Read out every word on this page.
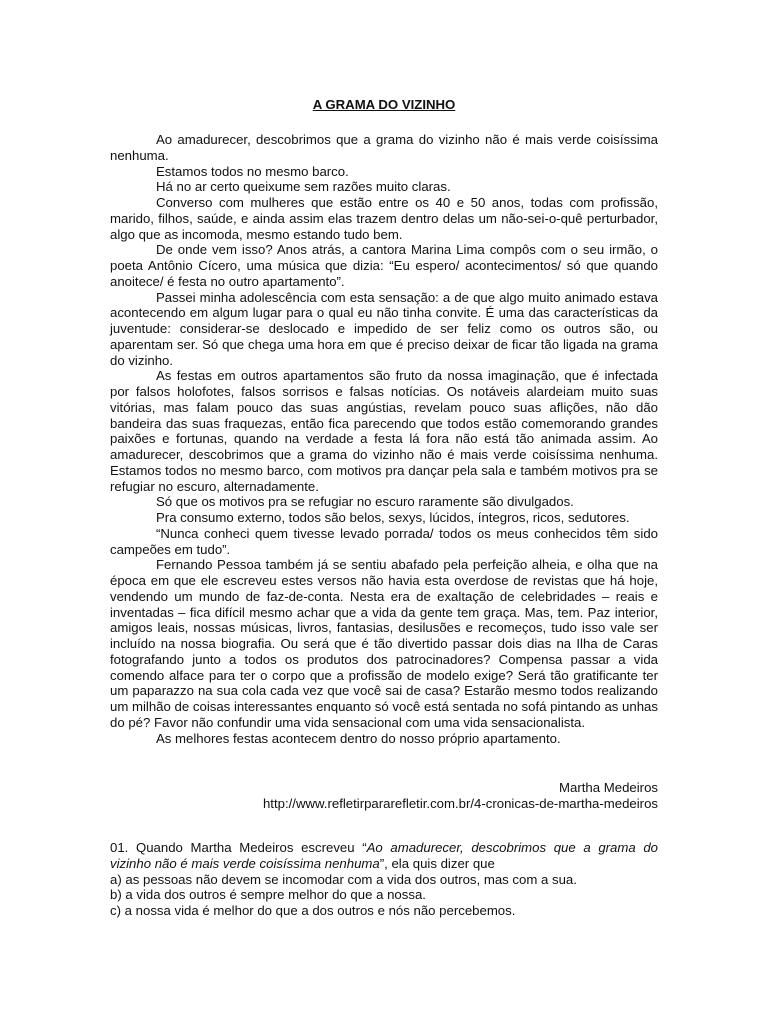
A GRAMA DO VIZINHO

Ao amadurecer, descobrimos que a grama do vizinho não é mais verde coisíssima nenhuma.

Estamos todos no mesmo barco.

Há no ar certo queixume sem razões muito claras.

Converso com mulheres que estão entre os 40 e 50 anos, todas com profissão, marido, filhos, saúde, e ainda assim elas trazem dentro delas um não-sei-o-quê perturbador, algo que as incomoda, mesmo estando tudo bem.

De onde vem isso? Anos atrás, a cantora Marina Lima compôs com o seu irmão, o poeta Antônio Cícero, uma música que dizia: “Eu espero/ acontecimentos/ só que quando anoitece/ é festa no outro apartamento”.

Passei minha adolescência com esta sensação: a de que algo muito animado estava acontecendo em algum lugar para o qual eu não tinha convite. É uma das características da juventude: considerar-se deslocado e impedido de ser feliz como os outros são, ou aparentam ser. Só que chega uma hora em que é preciso deixar de ficar tão ligada na grama do vizinho.

As festas em outros apartamentos são fruto da nossa imaginação, que é infectada por falsos holofotes, falsos sorrisos e falsas notícias. Os notáveis alardeiam muito suas vitórias, mas falam pouco das suas angústias, revelam pouco suas aflições, não dão bandeira das suas fraquezas, então fica parecendo que todos estão comemorando grandes paixões e fortunas, quando na verdade a festa lá fora não está tão animada assim. Ao amadurecer, descobrimos que a grama do vizinho não é mais verde coisíssima nenhuma. Estamos todos no mesmo barco, com motivos pra dançar pela sala e também motivos pra se refugiar no escuro, alternadamente.

Só que os motivos pra se refugiar no escuro raramente são divulgados.

Pra consumo externo, todos são belos, sexys, lúcidos, íntegros, ricos, sedutores.

“Nunca conheci quem tivesse levado porrada/ todos os meus conhecidos têm sido campeões em tudo”.

Fernando Pessoa também já se sentiu abafado pela perfeição alheia, e olha que na época em que ele escreveu estes versos não havia esta overdose de revistas que há hoje, vendendo um mundo de faz-de-conta. Nesta era de exaltação de celebridades – reais e inventadas – fica difícil mesmo achar que a vida da gente tem graça. Mas, tem. Paz interior, amigos leais, nossas músicas, livros, fantasias, desilusões e recomeços, tudo isso vale ser incluído na nossa biografia. Ou será que é tão divertido passar dois dias na Ilha de Caras fotografando junto a todos os produtos dos patrocinadores? Compensa passar a vida comendo alface para ter o corpo que a profissão de modelo exige? Será tão gratificante ter um paparazzo na sua cola cada vez que você sai de casa? Estarão mesmo todos realizando um milhão de coisas interessantes enquanto só você está sentada no sofá pintando as unhas do pé? Favor não confundir uma vida sensacional com uma vida sensacionalista.

As melhores festas acontecem dentro do nosso próprio apartamento.

Martha Medeiros
http://www.refletirpararefletir.com.br/4-cronicas-de-martha-medeiros

01. Quando Martha Medeiros escreveu “Ao amadurecer, descobrimos que a grama do vizinho não é mais verde coisíssima nenhuma”, ela quis dizer que

a) as pessoas não devem se incomodar com a vida dos outros, mas com a sua.

b) a vida dos outros é sempre melhor do que a nossa.

c) a nossa vida é melhor do que a dos outros e nós não percebemos.
